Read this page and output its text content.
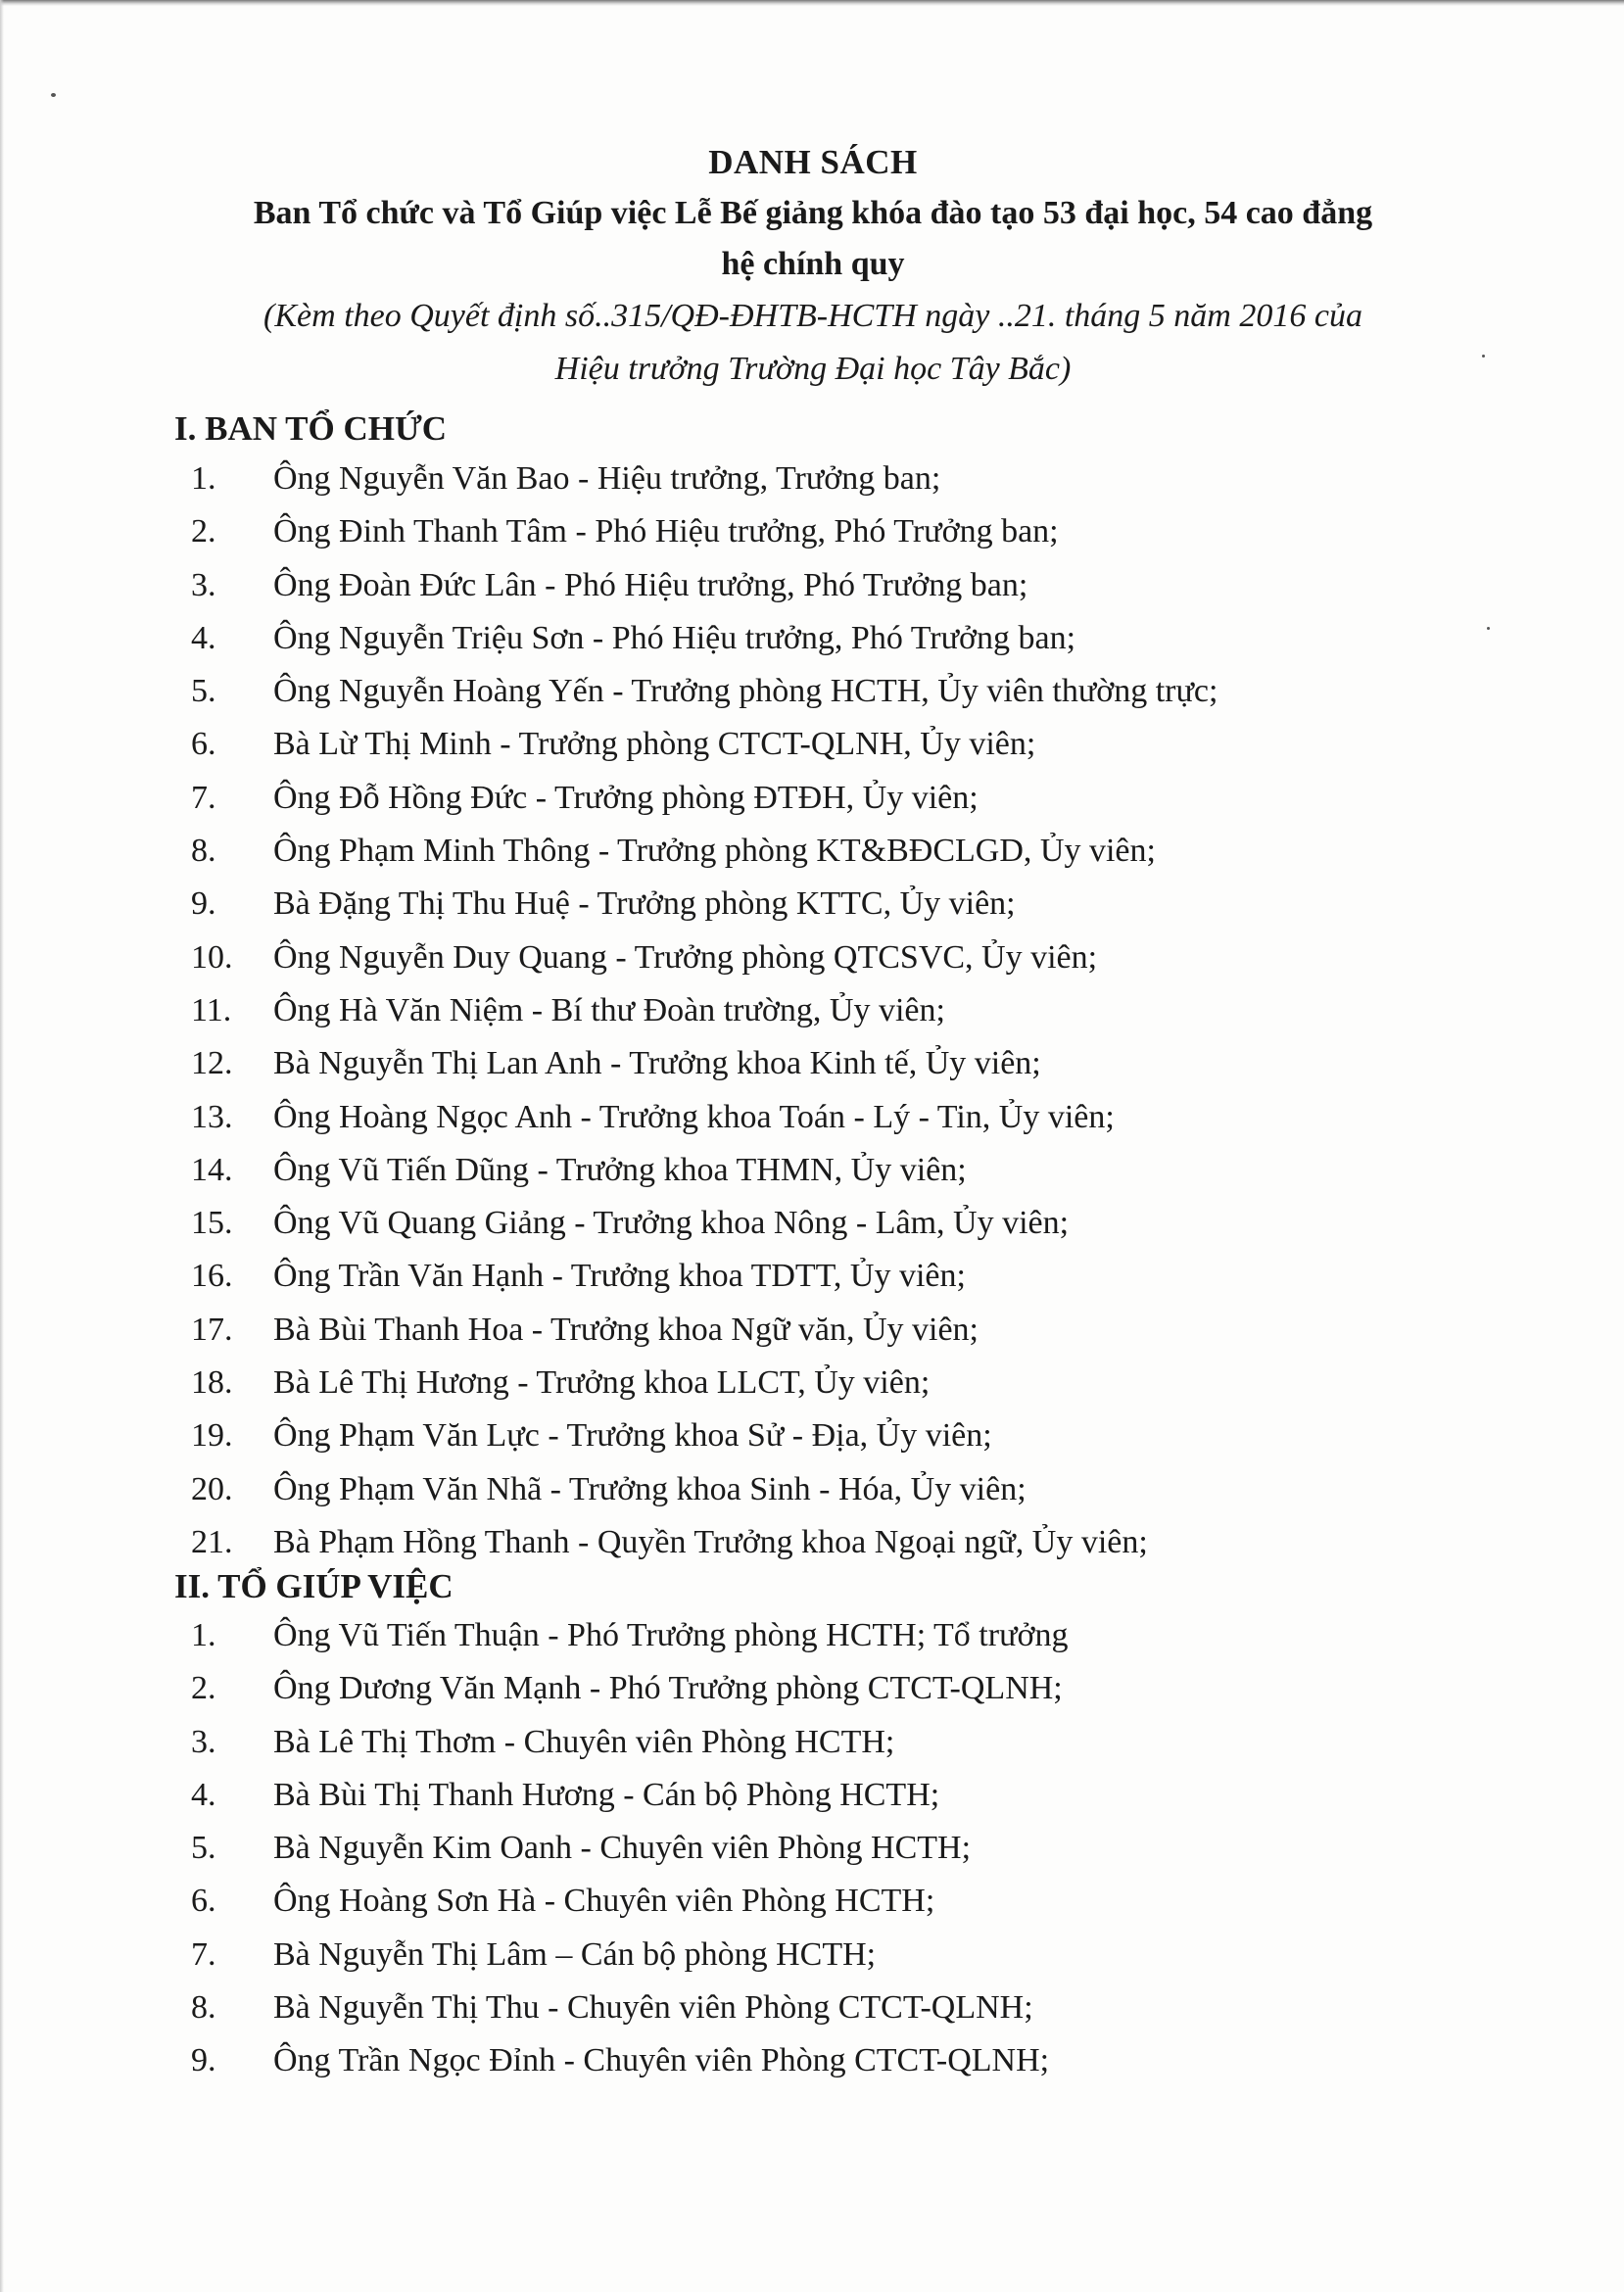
DANH SÁCH
Ban Tổ chức và Tổ Giúp việc Lễ Bế giảng khóa đào tạo 53 đại học, 54 cao đẳng
hệ chính quy
(Kèm theo Quyết định số..315/QĐ-ĐHTB-HCTH ngày ..21. tháng 5 năm 2016 của
Hiệu trưởng Trường Đại học Tây Bắc)
I. BAN TỔ CHỨC
1. Ông Nguyễn Văn Bao - Hiệu trưởng, Trưởng ban;
2. Ông Đinh Thanh Tâm - Phó Hiệu trưởng, Phó Trưởng ban;
3. Ông Đoàn Đức Lân - Phó Hiệu trưởng, Phó Trưởng ban;
4. Ông Nguyễn Triệu Sơn - Phó Hiệu trưởng, Phó Trưởng ban;
5. Ông Nguyễn Hoàng Yến - Trưởng phòng HCTH, Ủy viên thường trực;
6. Bà Lừ Thị Minh - Trưởng phòng CTCT-QLNH, Ủy viên;
7. Ông Đỗ Hồng Đức - Trưởng phòng ĐTĐH, Ủy viên;
8. Ông Phạm Minh Thông - Trưởng phòng KT&BĐCLGD, Ủy viên;
9. Bà Đặng Thị Thu Huệ - Trưởng phòng KTTC, Ủy viên;
10. Ông Nguyễn Duy Quang - Trưởng phòng QTCSVC, Ủy viên;
11. Ông Hà Văn Niệm - Bí thư Đoàn trường, Ủy viên;
12. Bà Nguyễn Thị Lan Anh - Trưởng khoa Kinh tế, Ủy viên;
13. Ông Hoàng Ngọc Anh - Trưởng khoa Toán - Lý - Tin, Ủy viên;
14. Ông Vũ Tiến Dũng - Trưởng khoa THMN, Ủy viên;
15. Ông Vũ Quang Giảng - Trưởng khoa Nông - Lâm, Ủy viên;
16. Ông Trần Văn Hạnh - Trưởng khoa TDTT, Ủy viên;
17. Bà Bùi Thanh Hoa - Trưởng khoa Ngữ văn, Ủy viên;
18. Bà Lê Thị Hương - Trưởng khoa LLCT, Ủy viên;
19. Ông Phạm Văn Lực - Trưởng khoa Sử - Địa, Ủy viên;
20. Ông Phạm Văn Nhã - Trưởng khoa Sinh - Hóa, Ủy viên;
21. Bà Phạm Hồng Thanh - Quyền Trưởng khoa Ngoại ngữ, Ủy viên;
II. TỔ GIÚP VIỆC
1. Ông Vũ Tiến Thuận - Phó Trưởng phòng HCTH; Tổ trưởng
2. Ông Dương Văn Mạnh - Phó Trưởng phòng CTCT-QLNH;
3. Bà Lê Thị Thơm - Chuyên viên Phòng HCTH;
4. Bà Bùi Thị Thanh Hương - Cán bộ Phòng HCTH;
5. Bà Nguyễn Kim Oanh - Chuyên viên Phòng HCTH;
6. Ông Hoàng Sơn Hà - Chuyên viên Phòng HCTH;
7. Bà Nguyễn Thị Lâm – Cán bộ phòng HCTH;
8. Bà Nguyễn Thị Thu - Chuyên viên Phòng CTCT-QLNH;
9. Ông Trần Ngọc Đỉnh - Chuyên viên Phòng CTCT-QLNH;
